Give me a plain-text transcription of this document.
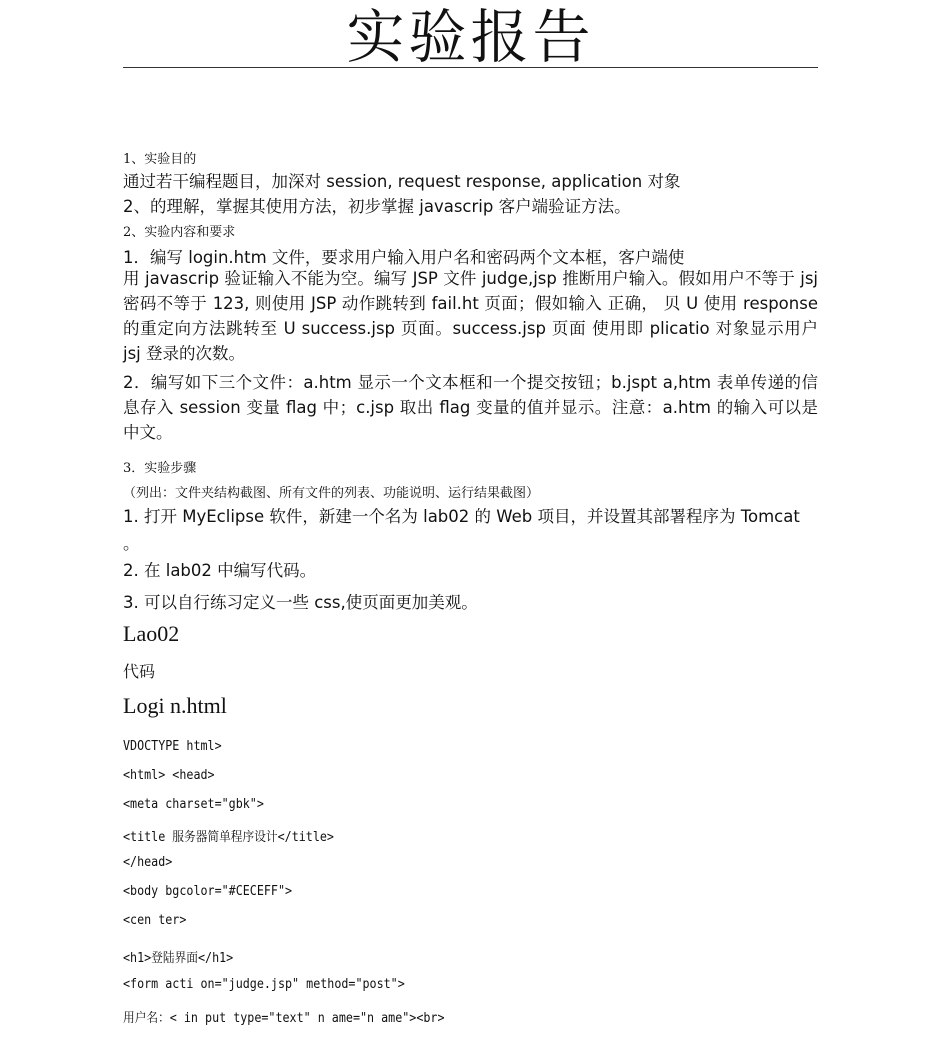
实验报告
1、实验目的
通过若干编程题目，加深对 session, request response, application 对象
2、的理解，掌握其使用方法，初步掌握 javascrip 客户端验证方法。
2、实验内容和要求
1．编写 login.htm 文件，要求用户输入用户名和密码两个文本框，客户端使
用 javascrip 验证输入不能为空。编写 JSP 文件 judge,jsp 推断用户输入。假如用户不等于 jsj 密码不等于 123, 则使用 JSP 动作跳转到 fail.ht 页面；假如输入 正确， 贝 U 使用 response 的重定向方法跳转至 U success.jsp 页面。success.jsp 页面 使用即 plicatio 对象显示用户 jsj 登录的次数。
2．编写如下三个文件：a.htm 显示一个文本框和一个提交按钮；b.jspt a,htm 表单传递的信息存入 session 变量 flag 中；c.jsp 取出 flag 变量的值并显示。注意：a.htm 的输入可以是中文。
3．实验步骤
（列出：文件夹结构截图、所有文件的列表、功能说明、运行结果截图）
1. 打开 MyEclipse 软件，新建一个名为 lab02 的 Web 项目，并设置其部署程序为 Tomcat
。
2. 在 lab02 中编写代码。
3. 可以自行练习定义一些 css,使页面更加美观。
Lao02
代码
Logi n.html
VDOCTYPE html>
<html> <head>
<meta charset="gbk">
<title 服务器简单程序设计</title>
</head>
<body bgcolor="#CECEFF">
<cen ter>
<h1>登陆界面</h1>
<form acti on="judge.jsp" method="post">
用户名：< in put type="text" n ame="n ame"><br>
